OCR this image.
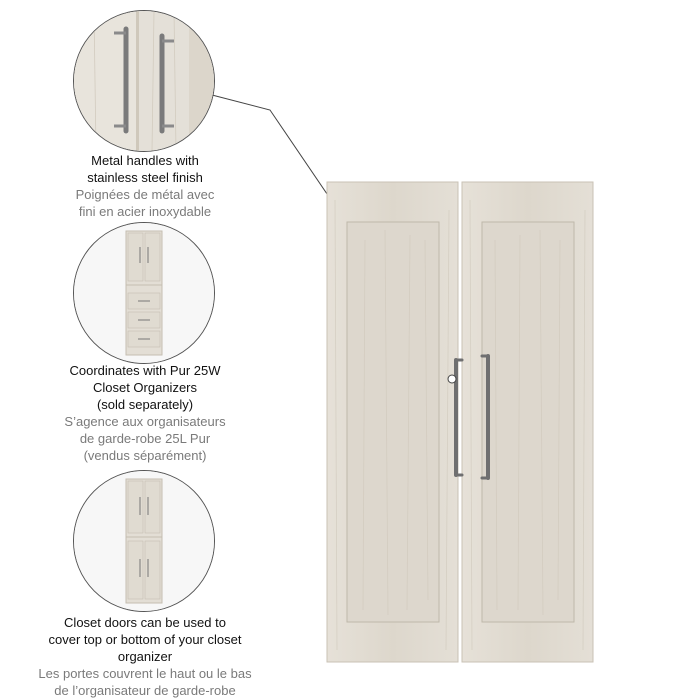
Metal handles with
stainless steel finish
Poignées de métal avec
fini en acier inoxydable
Coordinates with Pur 25W
Closet Organizers
(sold separately)
S’agence aux organisateurs
de garde-robe 25L Pur
(vendus séparément)
Closet doors can be used to
cover top or bottom of your closet
organizer
Les portes couvrent le haut ou le bas
de l’organisateur de garde-robe
